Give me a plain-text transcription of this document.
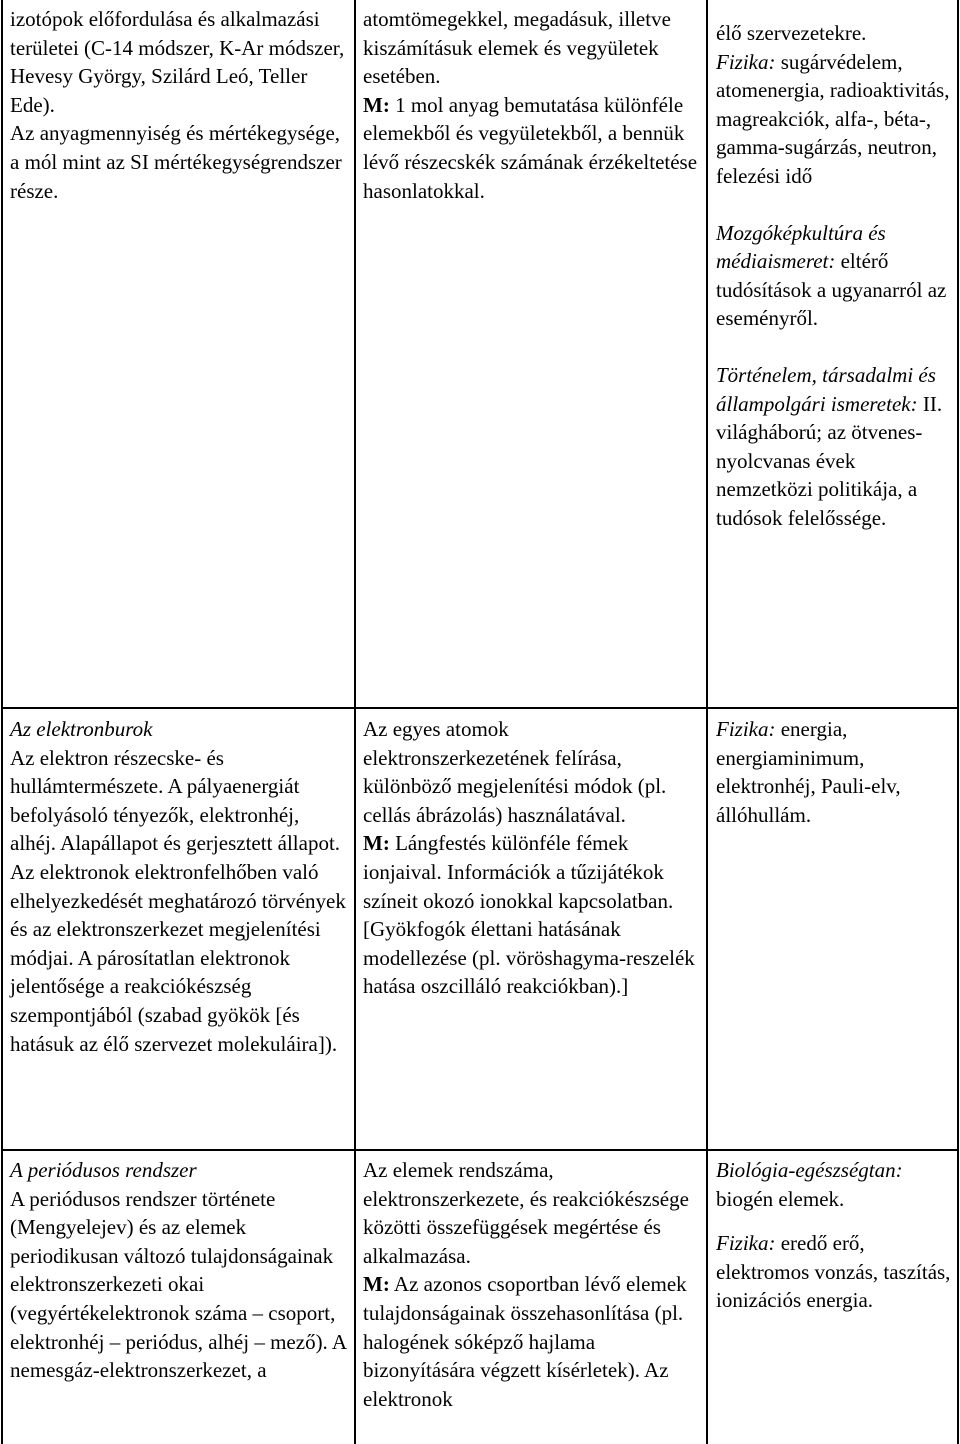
izotópok előfordulása és alkalmazási területei (C-14 módszer, K-Ar módszer, Hevesy György, Szilárd Leó, Teller Ede).

Az anyagmennyiség és mértékegysége, a mól mint az SI mértékegységrendszer része.

atomtömegekkel, megadásuk, illetve kiszámításuk elemek és vegyületek esetében.

M: 1 mol anyag bemutatása különféle elemekből és vegyületekből, a bennük lévő részecskék számának érzékeltetése hasonlatokkal.

élő szervezetekre.

Fizika: sugárvédelem, atomenergia, radioaktivitás, magreakciók, alfa-, béta-, gamma-sugárzás, neutron, felezési idő

Mozgóképkultúra és médiaismeret: eltérő tudósítások a ugyanarról az eseményről.

Történelem, társadalmi és állampolgári ismeretek: II. világháború; az ötvenes-nyolcvanas évek nemzetközi politikája, a tudósok felelőssége.

Az elektronburok

Az elektron részecske- és hullámtermészete. A pályaenergiát befolyásoló tényezők, elektronhéj, alhéj. Alapállapot és gerjesztett állapot. Az elektronok elektronfelhőben való elhelyezkedését meghatározó törvények és az elektronszerkezet megjelenítési módjai. A párosítatlan elektronok jelentősége a reakciókészség szempontjából (szabad gyökök [és hatásuk az élő szervezet molekuláira]).

Az egyes atomok elektronszerkezetének felírása, különböző megjelenítési módok (pl. cellás ábrázolás) használatával.

M: Lángfestés különféle fémek ionjaival. Információk a tűzijátékok színeit okozó ionokkal kapcsolatban. [Gyökfogók élettani hatásának modellezése (pl. vöröshagyma-reszelék hatása oszcilláló reakciókban).]

Fizika: energia, energiaminimum, elektronhéj, Pauli-elv, állóhullám.

A periódusos rendszer

A periódusos rendszer története (Mengyelejev) és az elemek periodikusan változó tulajdonságainak elektronszerkezeti okai (vegyértékelektronok száma – csoport, elektronhéj – periódus, alhéj – mező). A nemesgáz-elektronszerkezet, a

Az elemek rendszáma, elektronszerkezete, és reakciókészsége közötti összefüggések megértése és alkalmazása.

M: Az azonos csoportban lévő elemek tulajdonságainak összehasonlítása (pl. halogének sóképző hajlama bizonyítására végzett kísérletek). Az elektronok

Biológia-egészségtan: biogén elemek.

Fizika: eredő erő, elektromos vonzás, taszítás, ionizációs energia.
